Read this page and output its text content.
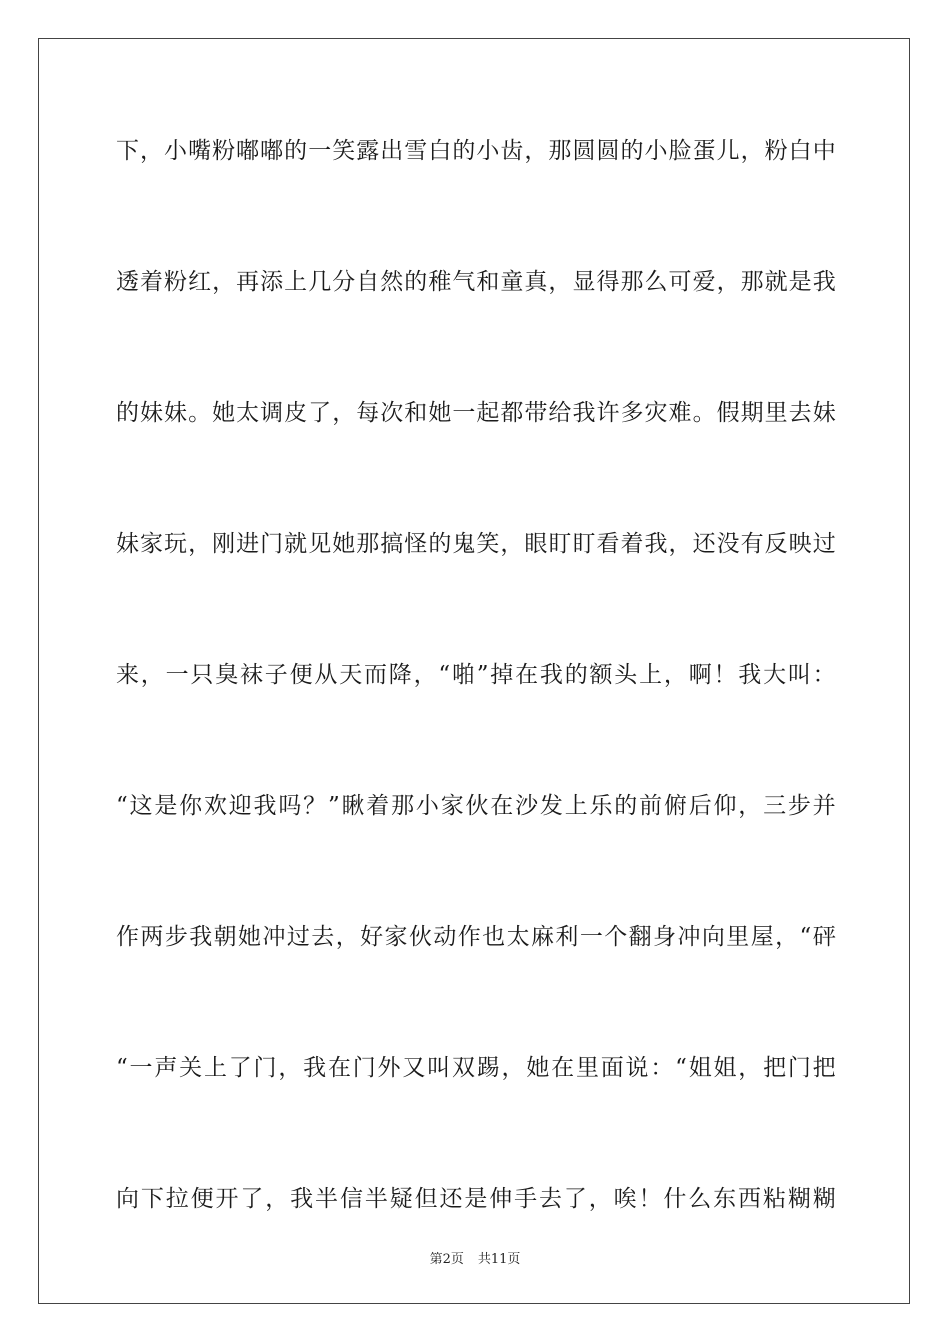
下，小嘴粉嘟嘟的一笑露出雪白的小齿，那圆圆的小脸蛋儿，粉白中
透着粉红，再添上几分自然的稚气和童真，显得那么可爱，那就是我
的妹妹。她太调皮了，每次和她一起都带给我许多灾难。假期里去妹
妹家玩，刚进门就见她那搞怪的鬼笑，眼盯盯看着我，还没有反映过
来，一只臭袜子便从天而降，“啪”掉在我的额头上，啊！我大叫：
“这是你欢迎我吗？”瞅着那小家伙在沙发上乐的前俯后仰，三步并
作两步我朝她冲过去，好家伙动作也太麻利一个翻身冲向里屋，“砰
“一声关上了门，我在门外又叫双踢，她在里面说：“姐姐，把门把
向下拉便开了，我半信半疑但还是伸手去了，唉！什么东西粘糊糊
第2页 共11页
